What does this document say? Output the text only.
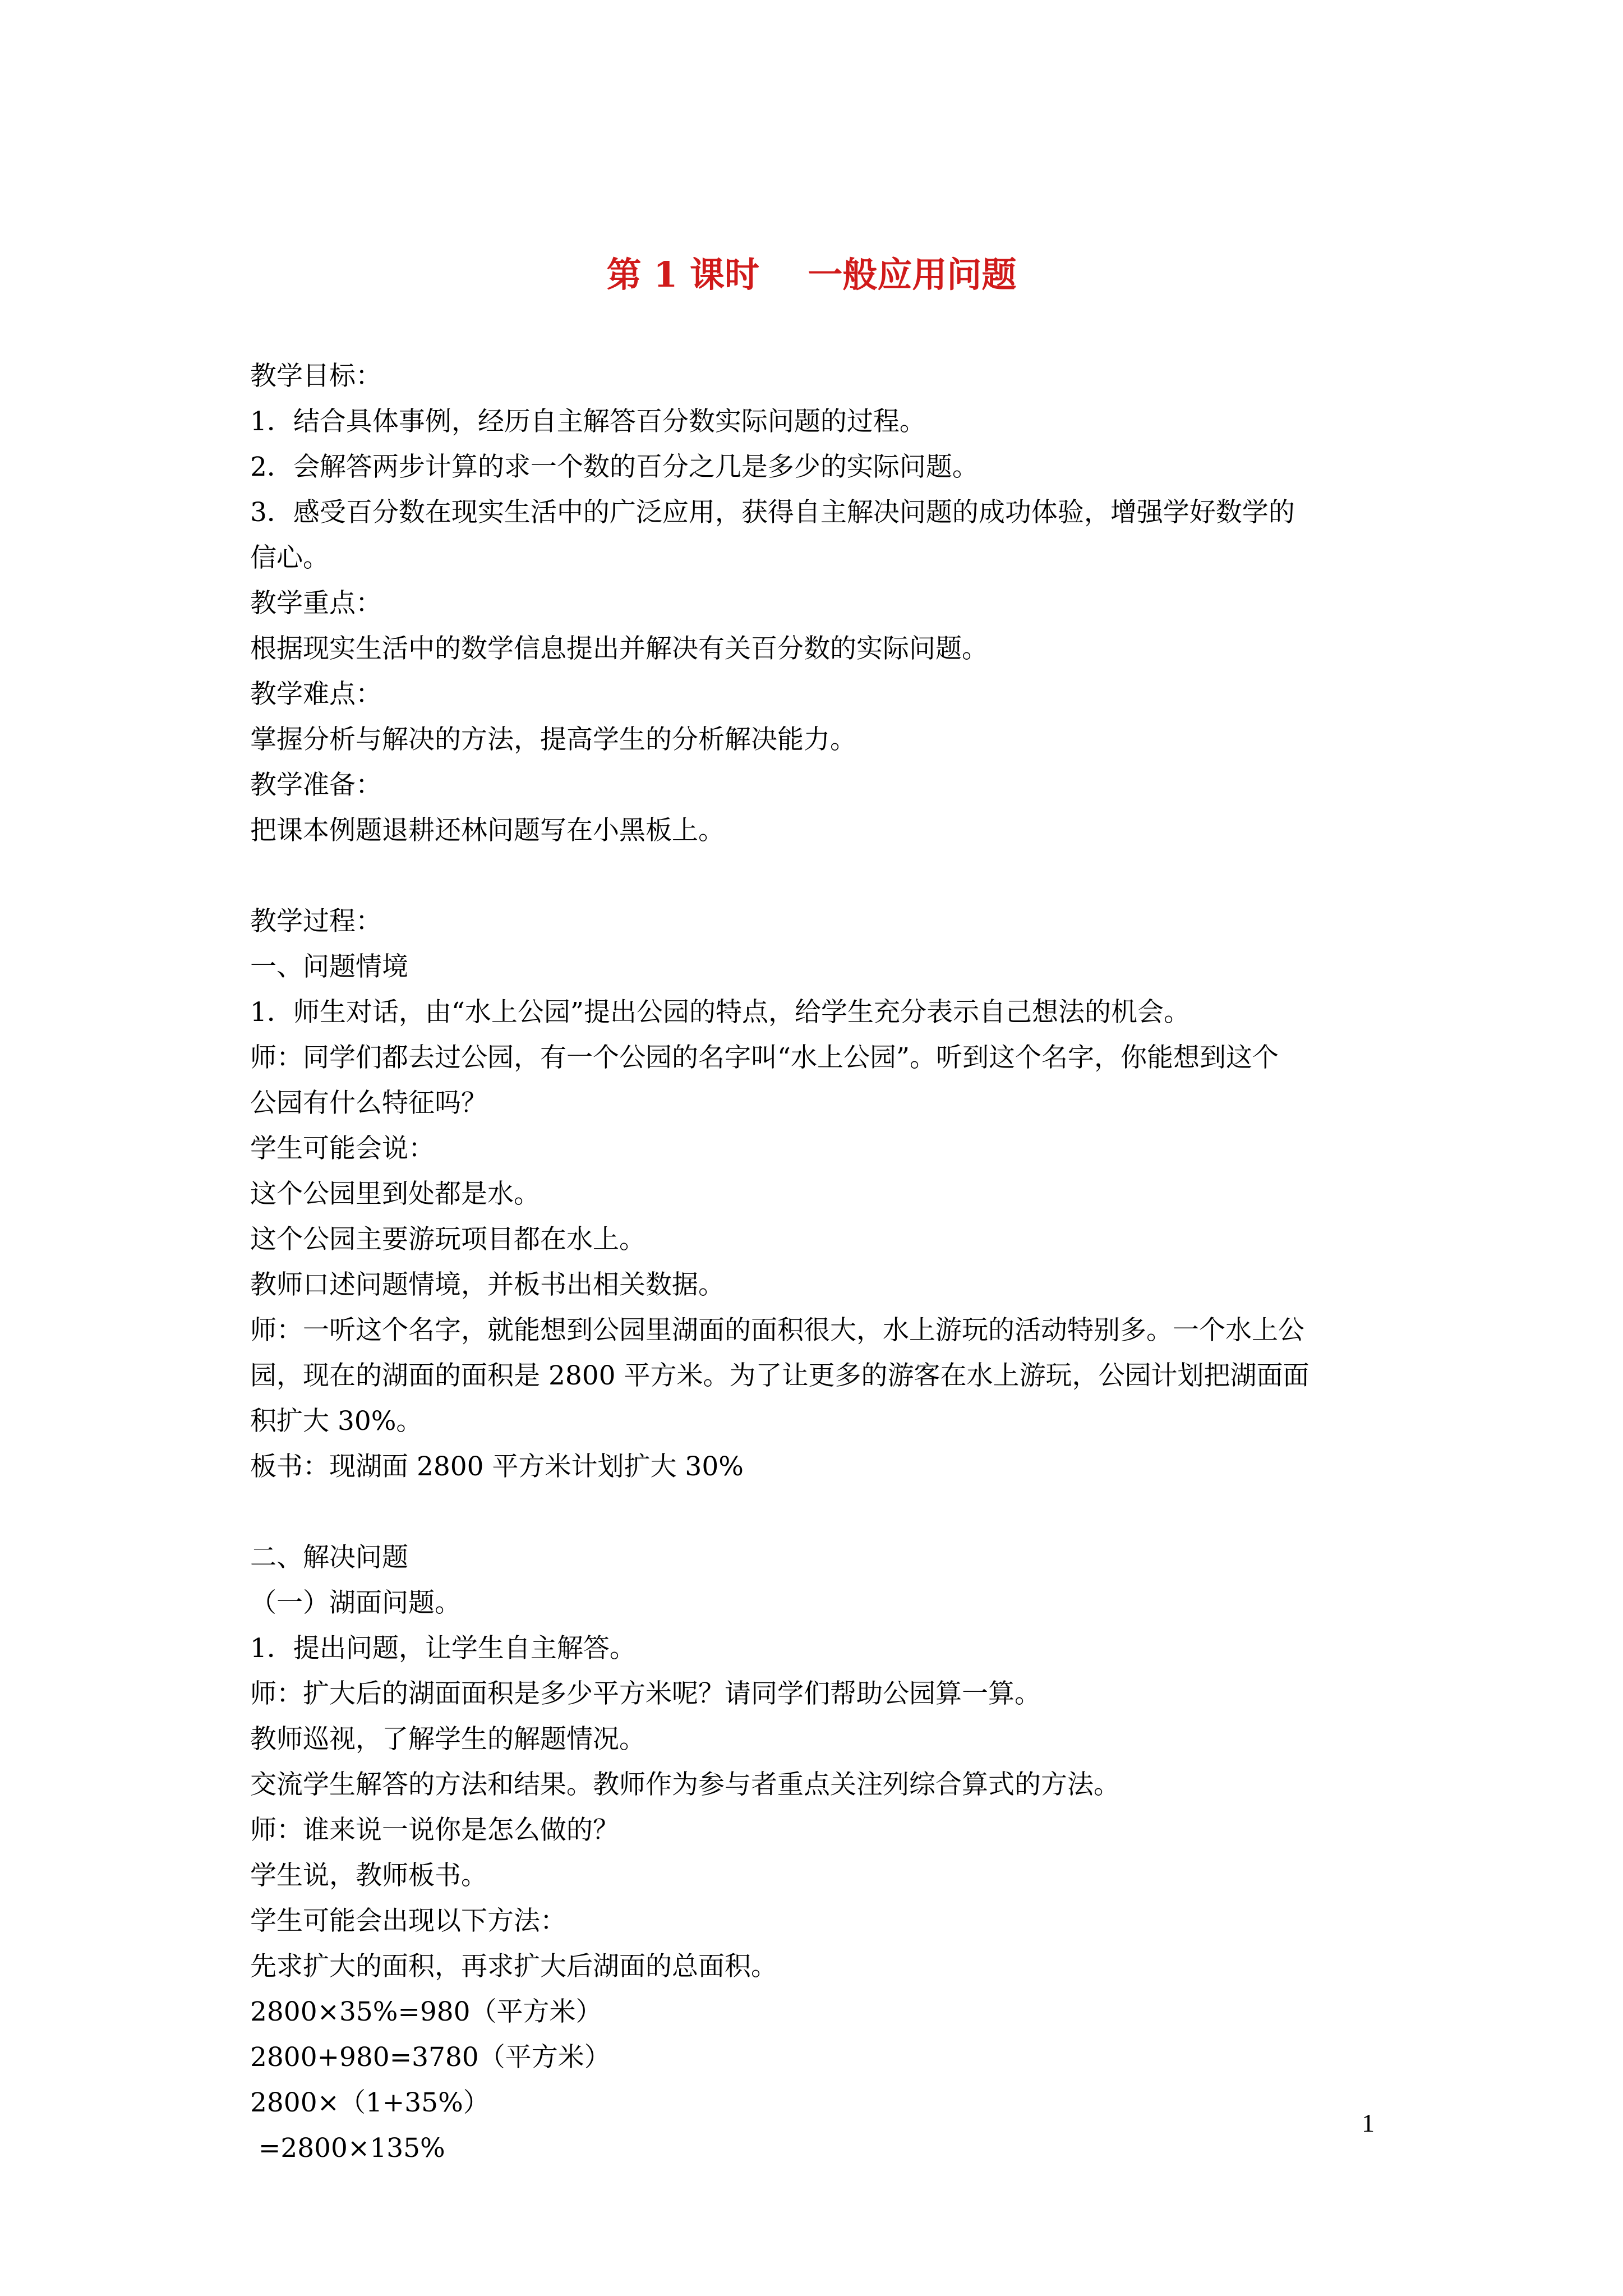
第 1 课时    一般应用问题
教学目标：
1．结合具体事例，经历自主解答百分数实际问题的过程。
2．会解答两步计算的求一个数的百分之几是多少的实际问题。
3．感受百分数在现实生活中的广泛应用，获得自主解决问题的成功体验，增强学好数学的
信心。
教学重点：
根据现实生活中的数学信息提出并解决有关百分数的实际问题。
教学难点：
掌握分析与解决的方法，提高学生的分析解决能力。
教学准备：
把课本例题退耕还林问题写在小黑板上。
教学过程：
一、问题情境
1．师生对话，由“水上公园”提出公园的特点，给学生充分表示自己想法的机会。
师：同学们都去过公园，有一个公园的名字叫“水上公园”。听到这个名字，你能想到这个
公园有什么特征吗？
学生可能会说：
这个公园里到处都是水。
这个公园主要游玩项目都在水上。
教师口述问题情境，并板书出相关数据。
师：一听这个名字，就能想到公园里湖面的面积很大，水上游玩的活动特别多。一个水上公
园，现在的湖面的面积是 2800 平方米。为了让更多的游客在水上游玩，公园计划把湖面面
积扩大 30%。
板书：现湖面 2800 平方米计划扩大 30%
二、解决问题
（一）湖面问题。
1．提出问题，让学生自主解答。
师：扩大后的湖面面积是多少平方米呢？请同学们帮助公园算一算。
教师巡视，了解学生的解题情况。
交流学生解答的方法和结果。教师作为参与者重点关注列综合算式的方法。
师：谁来说一说你是怎么做的？
学生说，教师板书。
学生可能会出现以下方法：
先求扩大的面积，再求扩大后湖面的总面积。
2800×35%=980（平方米）
2800+980=3780（平方米）
2800×（1+35%）
=2800×135%
1
